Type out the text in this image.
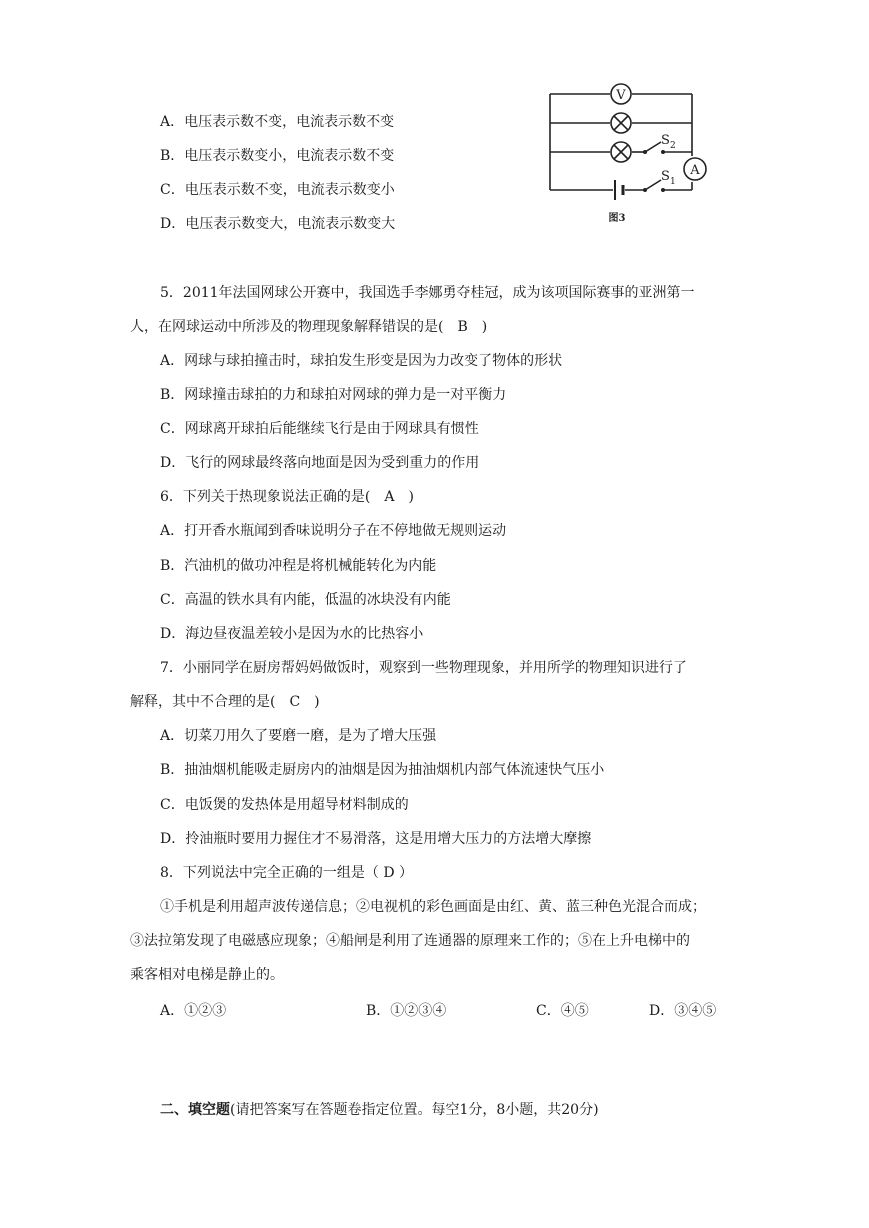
A．电压表示数不变，电流表示数不变
B．电压表示数变小，电流表示数不变
C．电压表示数不变，电流表示数变小
D．电压表示数变大，电流表示数变大
V
A
S 2
S 1
图3
5．2011年法国网球公开赛中，我国选手李娜勇夺桂冠，成为该项国际赛事的亚洲第一
人，在网球运动中所涉及的物理现象解释错误的是(　B　)
A．网球与球拍撞击时，球拍发生形变是因为力改变了物体的形状
B．网球撞击球拍的力和球拍对网球的弹力是一对平衡力
C．网球离开球拍后能继续飞行是由于网球具有惯性
D．飞行的网球最终落向地面是因为受到重力的作用
6．下列关于热现象说法正确的是(　A　)
A．打开香水瓶闻到香味说明分子在不停地做无规则运动
B．汽油机的做功冲程是将机械能转化为内能
C．高温的铁水具有内能，低温的冰块没有内能
D．海边昼夜温差较小是因为水的比热容小
7．小丽同学在厨房帮妈妈做饭时，观察到一些物理现象，并用所学的物理知识进行了
解释，其中不合理的是(　C　)
A．切菜刀用久了要磨一磨，是为了增大压强
B．抽油烟机能吸走厨房内的油烟是因为抽油烟机内部气体流速快气压小
C．电饭煲的发热体是用超导材料制成的
D．拎油瓶时要用力握住才不易滑落，这是用增大压力的方法增大摩擦
8．下列说法中完全正确的一组是（ D ）
①手机是利用超声波传递信息；②电视机的彩色画面是由红、黄、蓝三种色光混合而成；
③法拉第发现了电磁感应现象；④船闸是利用了连通器的原理来工作的；⑤在上升电梯中的
乘客相对电梯是静止的。
A．①②③	B．①②③④	C．④⑤	D．③④⑤
二、填空题(请把答案写在答题卷指定位置。每空1分，8小题，共20分)
